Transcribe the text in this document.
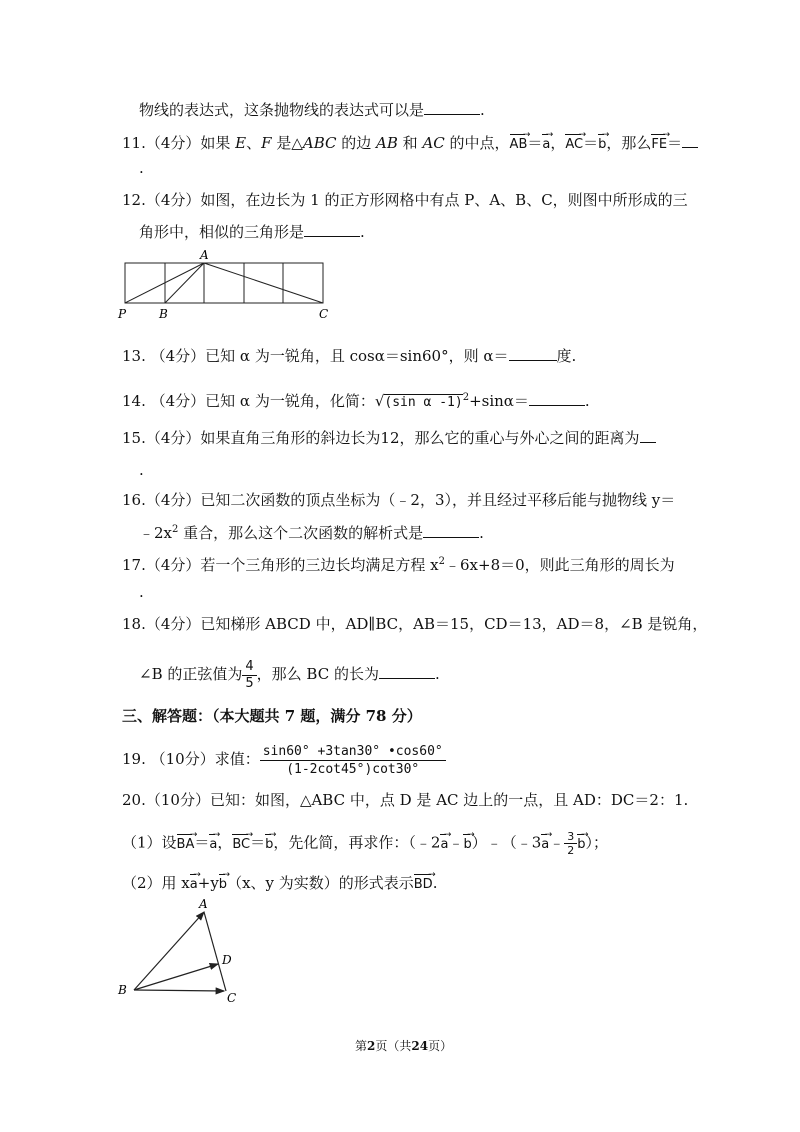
物线的表达式，这条抛物线的表达式可以是	.
11.（4分）如果 E、F 是△ABC 的边 AB 和 AC 的中点，AB →＝a →，AC →＝b →，那么FE →＝
.
12.（4分）如图，在边长为 1 的正方形网格中有点 P、A、B、C，则图中所形成的三
角形中，相似的三角形是	.
A
P	B	C
13. （4分）已知 α 为一锐角，且 cosα＝sin60°，则 α＝	度.
14. （4分）已知 α 为一锐角，化简：√(sin α -1)$^2$+sinα＝	.
15.（4分）如果直角三角形的斜边长为12，那么它的重心与外心之间的距离为
.
16.（4分）已知二次函数的顶点坐标为（﹣2，3），并且经过平移后能与抛物线 y＝
$﹣2x^2$ 重合，那么这个二次函数的解析式是	.
17.（4分）若一个三角形的三边长均满足方程 $x^2﹣6x+8=0$，则此三角形的周长为
.
18.（4分）已知梯形 ABCD 中，AD∥BC，AB＝15，CD＝13，AD＝8，∠B 是锐角，
∠B 的正弦值为 $\frac{4}{5}$ ，那么 BC 的长为	.
三、解答题：（本大题共 7 题，满分 78 分）
19. （10分）求值： $\frac{\sin 60^\circ +3\tan 30^\circ •\cos 60^\circ}{(1-2\cot 45^\circ)\cot 30^\circ}$
20.（10分）已知：如图，△ABC 中，点 D 是 AC 边上的一点，且 AD：DC＝2：1.
（1）设BA →＝a →，BC →＝b →，先化简，再求作：（﹣2a →﹣b →）﹣（﹣3a →﹣ $\frac{3}{2}$ b →）；
（2）用 xa →+yb →（x、y 为实数）的形式表示BD →.
A
B
C
D
第2页（共24页）
